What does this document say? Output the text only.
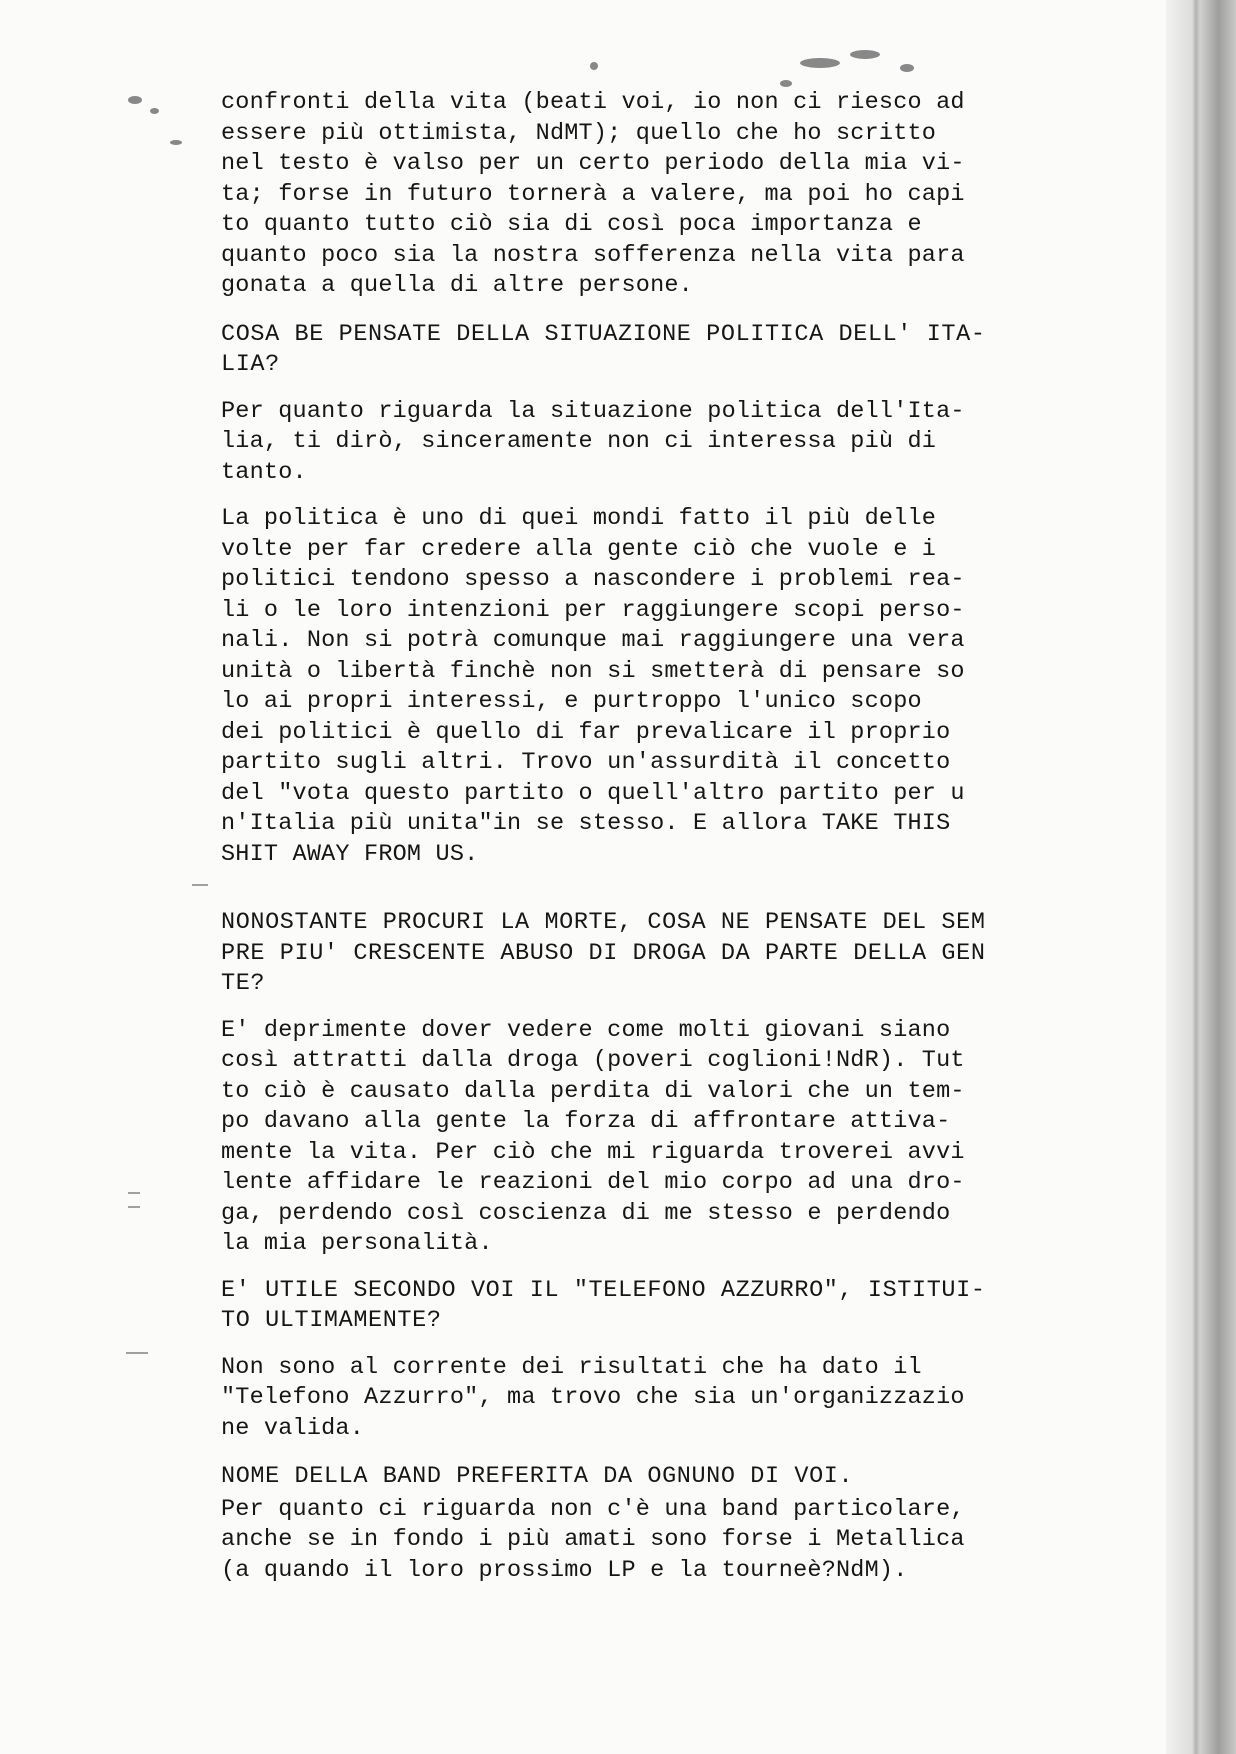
confronti della vita (beati voi, io non ci riesco ad
essere più ottimista, NdMT); quello che ho scritto
nel testo è valso per un certo periodo della mia vi-
ta; forse in futuro tornerà a valere, ma poi ho capi
to quanto tutto ciò sia di così poca importanza e
quanto poco sia la nostra sofferenza nella vita para
gonata a quella di altre persone.
COSA BE PENSATE DELLA SITUAZIONE POLITICA DELL' ITA-
LIA?
Per quanto riguarda la situazione politica dell'Ita-
lia, ti dirò, sinceramente non ci interessa più di
tanto.
La politica è uno di quei mondi fatto il più delle
volte per far credere alla gente ciò che vuole e i
politici tendono spesso a nascondere i problemi rea-
li o le loro intenzioni per raggiungere scopi perso-
nali. Non si potrà comunque mai raggiungere una vera
unità o libertà finchè non si smetterà di pensare so
lo ai propri interessi, e purtroppo l'unico scopo
dei politici è quello di far prevalicare il proprio
partito sugli altri. Trovo un'assurdità il concetto
del "vota questo partito o quell'altro partito per u
n'Italia più unita"in se stesso. E allora TAKE THIS
SHIT AWAY FROM US.
NONOSTANTE PROCURI LA MORTE, COSA NE PENSATE DEL SEM
PRE PIU' CRESCENTE ABUSO DI DROGA DA PARTE DELLA GEN
TE?
E' deprimente dover vedere come molti giovani siano
così attratti dalla droga (poveri coglioni!NdR). Tut
to ciò è causato dalla perdita di valori che un tem-
po davano alla gente la forza di affrontare attiva-
mente la vita. Per ciò che mi riguarda troverei avvi
lente affidare le reazioni del mio corpo ad una dro-
ga, perdendo così coscienza di me stesso e perdendo
la mia personalità.
E' UTILE SECONDO VOI IL "TELEFONO AZZURRO", ISTITUI-
TO ULTIMAMENTE?
Non sono al corrente dei risultati che ha dato il
"Telefono Azzurro", ma trovo che sia un'organizzazio
ne valida.
NOME DELLA BAND PREFERITA DA OGNUNO DI VOI.
Per quanto ci riguarda non c'è una band particolare,
anche se in fondo i più amati sono forse i Metallica
(a quando il loro prossimo LP e la tourneè?NdM).
